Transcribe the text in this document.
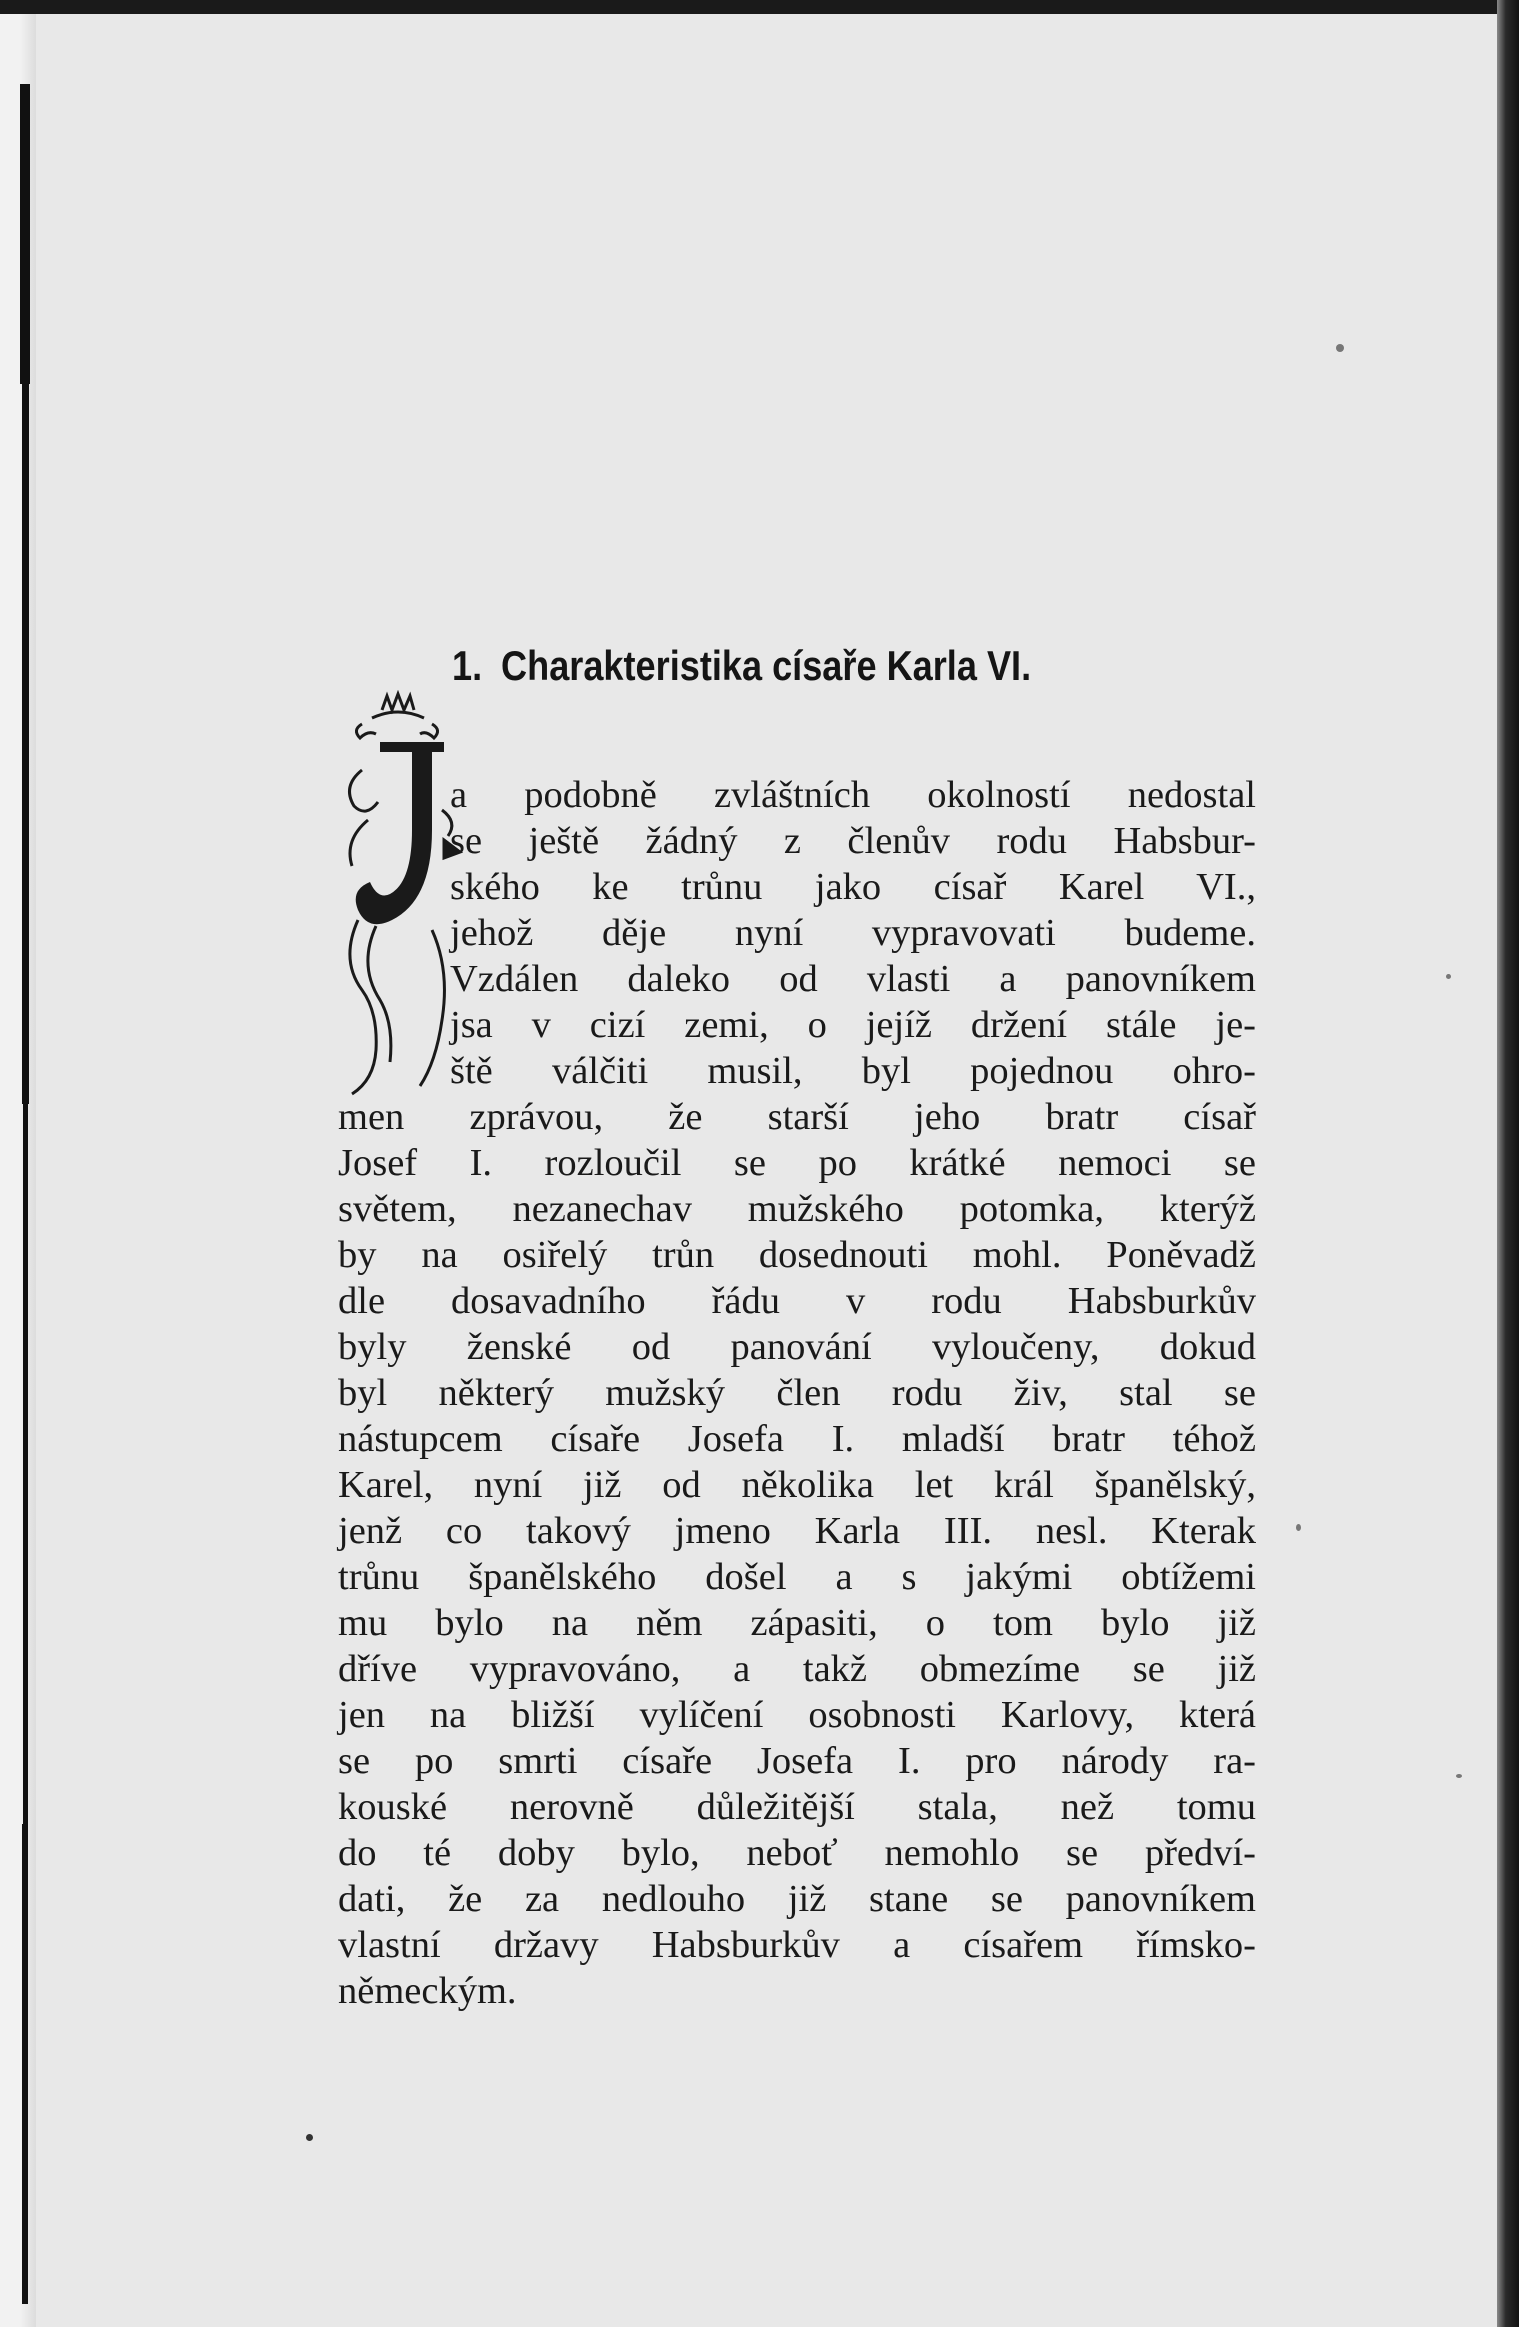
1. Charakteristika císaře Karla VI.
a podobně zvláštních okolností nedostal
se ještě žádný z členův rodu Habsbur-
ského ke trůnu jako císař Karel VI.,
jehož děje nyní vypravovati budeme.
Vzdálen daleko od vlasti a panovníkem
jsa v cizí zemi, o jejíž držení stále je-
ště válčiti musil, byl pojednou ohro-
men zprávou, že starší jeho bratr císař
Josef I. rozloučil se po krátké nemoci se
světem, nezanechav mužského potomka, kterýž
by na osiřelý trůn dosednouti mohl. Poněvadž
dle dosavadního řádu v rodu Habsburkův
byly ženské od panování vyloučeny, dokud
byl některý mužský člen rodu živ, stal se
nástupcem císaře Josefa I. mladší bratr téhož
Karel, nyní již od několika let král španělský,
jenž co takový jmeno Karla III. nesl. Kterak
trůnu španělského došel a s jakými obtížemi
mu bylo na něm zápasiti, o tom bylo již
dříve vypravováno, a takž obmezíme se již
jen na bližší vylíčení osobnosti Karlovy, která
se po smrti císaře Josefa I. pro národy ra-
kouské nerovně důležitější stala, než tomu
do té doby bylo, neboť nemohlo se předví-
dati, že za nedlouho již stane se panovníkem
vlastní državy Habsburkův a císařem římsko-
německým.
